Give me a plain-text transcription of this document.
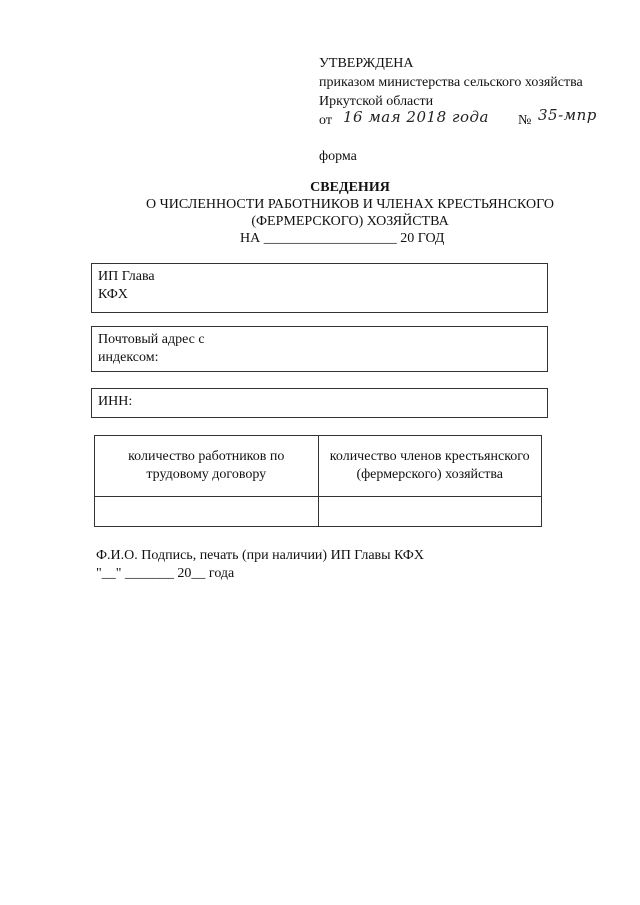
УТВЕРЖДЕНА
приказом министерства сельского хозяйства
Иркутской области
от 16 мая 2018 года № 35-мпр
форма
СВЕДЕНИЯ
О ЧИСЛЕННОСТИ РАБОТНИКОВ И ЧЛЕНАХ КРЕСТЬЯНСКОГО
(ФЕРМЕРСКОГО) ХОЗЯЙСТВА
НА ___________________ 20 ГОД
ИП Глава
КФХ
Почтовый адрес с
индексом:
ИНН:
количество работников по трудовому договору	количество членов крестьянского (фермерского) хозяйства

Ф.И.О. Подпись, печать (при наличии) ИП Главы КФХ
"__" _______ 20__ года
